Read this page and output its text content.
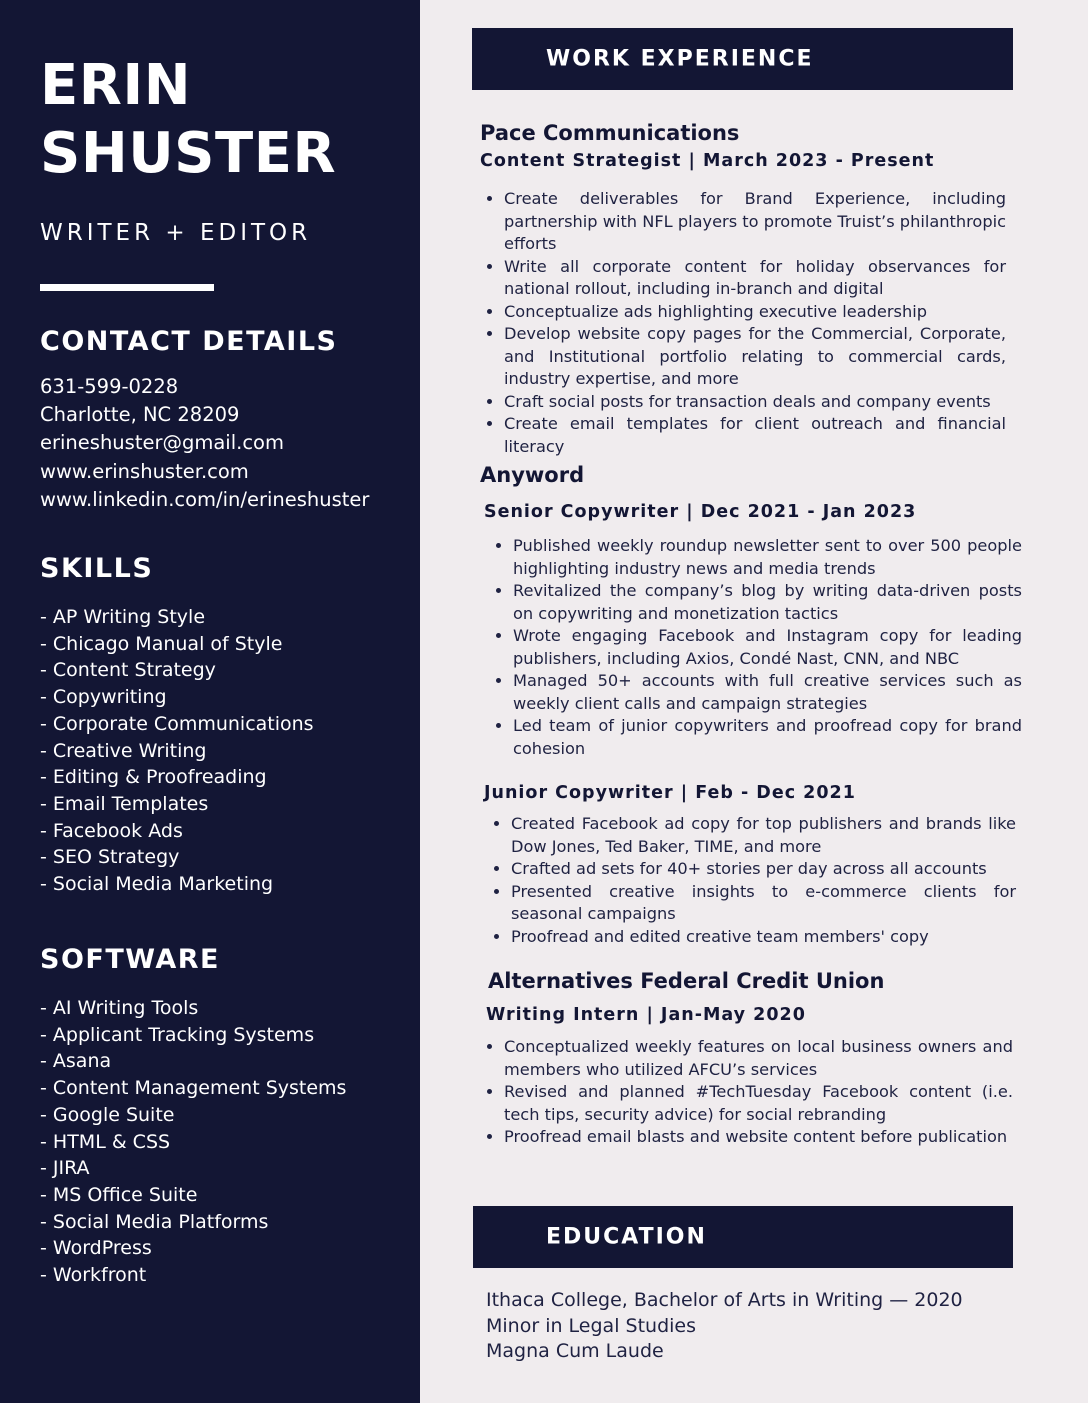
ERIN
SHUSTER
WRITER + EDITOR
CONTACT DETAILS
631-599-0228
Charlotte, NC 28209
erineshuster@gmail.com
www.erinshuster.com
www.linkedin.com/in/erineshuster
SKILLS
- AP Writing Style
- Chicago Manual of Style
- Content Strategy
- Copywriting
- Corporate Communications
- Creative Writing
- Editing & Proofreading
- Email Templates
- Facebook Ads
- SEO Strategy
- Social Media Marketing
SOFTWARE
- AI Writing Tools
- Applicant Tracking Systems
- Asana
- Content Management Systems
- Google Suite
- HTML & CSS
- JIRA
- MS Office Suite
- Social Media Platforms
- WordPress
- Workfront
WORK EXPERIENCE
Pace Communications
Content Strategist | March 2023 - Present
• Create deliverables for Brand Experience, including partnership with NFL players to promote Truist’s philanthropic efforts
• Write all corporate content for holiday observances for national rollout, including in-branch and digital
• Conceptualize ads highlighting executive leadership
• Develop website copy pages for the Commercial, Corporate, and Institutional portfolio relating to commercial cards, industry expertise, and more
• Craft social posts for transaction deals and company events
• Create email templates for client outreach and financial literacy
Anyword
Senior Copywriter | Dec 2021 - Jan 2023
• Published weekly roundup newsletter sent to over 500 people highlighting industry news and media trends
• Revitalized the company’s blog by writing data-driven posts on copywriting and monetization tactics
• Wrote engaging Facebook and Instagram copy for leading publishers, including Axios, Condé Nast, CNN, and NBC
• Managed 50+ accounts with full creative services such as weekly client calls and campaign strategies
• Led team of junior copywriters and proofread copy for brand cohesion
Junior Copywriter | Feb - Dec 2021
• Created Facebook ad copy for top publishers and brands like Dow Jones, Ted Baker, TIME, and more
• Crafted ad sets for 40+ stories per day across all accounts
• Presented creative insights to e-commerce clients for seasonal campaigns
• Proofread and edited creative team members' copy
Alternatives Federal Credit Union
Writing Intern | Jan-May 2020
• Conceptualized weekly features on local business owners and members who utilized AFCU’s services
• Revised and planned #TechTuesday Facebook content (i.e. tech tips, security advice) for social rebranding
• Proofread email blasts and website content before publication
EDUCATION
Ithaca College, Bachelor of Arts in Writing — 2020
Minor in Legal Studies
Magna Cum Laude
